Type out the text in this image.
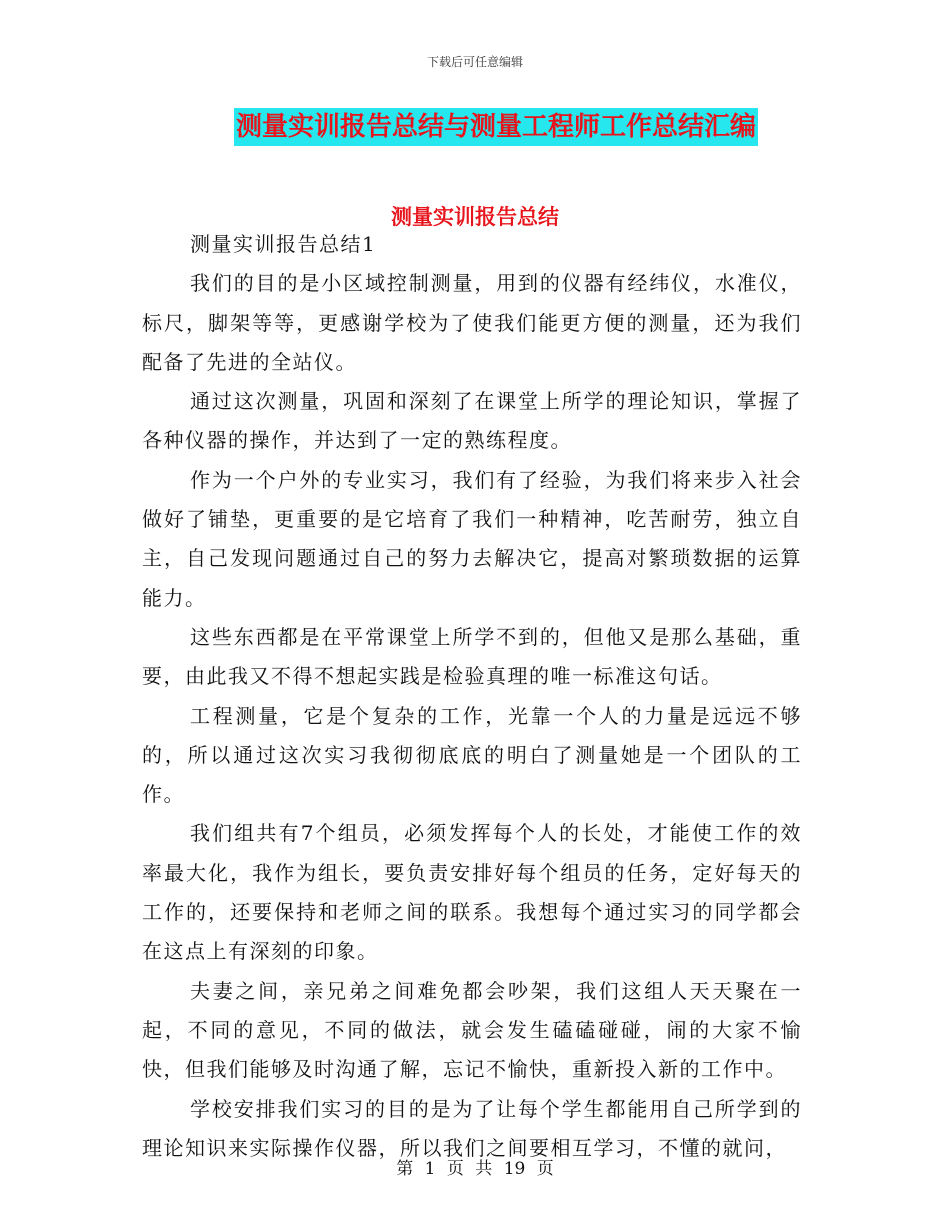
下载后可任意编辑
测量实训报告总结与测量工程师工作总结汇编
测量实训报告总结

测量实训报告总结1

我们的目的是小区域控制测量，用到的仪器有经纬仪，水准仪，标尺，脚架等等，更感谢学校为了使我们能更方便的测量，还为我们配备了先进的全站仪。

通过这次测量，巩固和深刻了在课堂上所学的理论知识，掌握了各种仪器的操作，并达到了一定的熟练程度。

作为一个户外的专业实习，我们有了经验，为我们将来步入社会做好了铺垫，更重要的是它培育了我们一种精神，吃苦耐劳，独立自主，自己发现问题通过自己的努力去解决它，提高对繁琐数据的运算能力。

这些东西都是在平常课堂上所学不到的，但他又是那么基础，重要，由此我又不得不想起实践是检验真理的唯一标准这句话。

工程测量，它是个复杂的工作，光靠一个人的力量是远远不够的，所以通过这次实习我彻彻底底的明白了测量她是一个团队的工作。

我们组共有7个组员，必须发挥每个人的长处，才能使工作的效率最大化，我作为组长，要负责安排好每个组员的任务，定好每天的工作的，还要保持和老师之间的联系。我想每个通过实习的同学都会在这点上有深刻的印象。

夫妻之间，亲兄弟之间难免都会吵架，我们这组人天天聚在一起，不同的意见，不同的做法，就会发生磕磕碰碰，闹的大家不愉快，但我们能够及时沟通了解，忘记不愉快，重新投入新的工作中。

学校安排我们实习的目的是为了让每个学生都能用自己所学到的理论知识来实际操作仪器，所以我们之间要相互学习，不懂的就问，

第 1 页 共 19 页
